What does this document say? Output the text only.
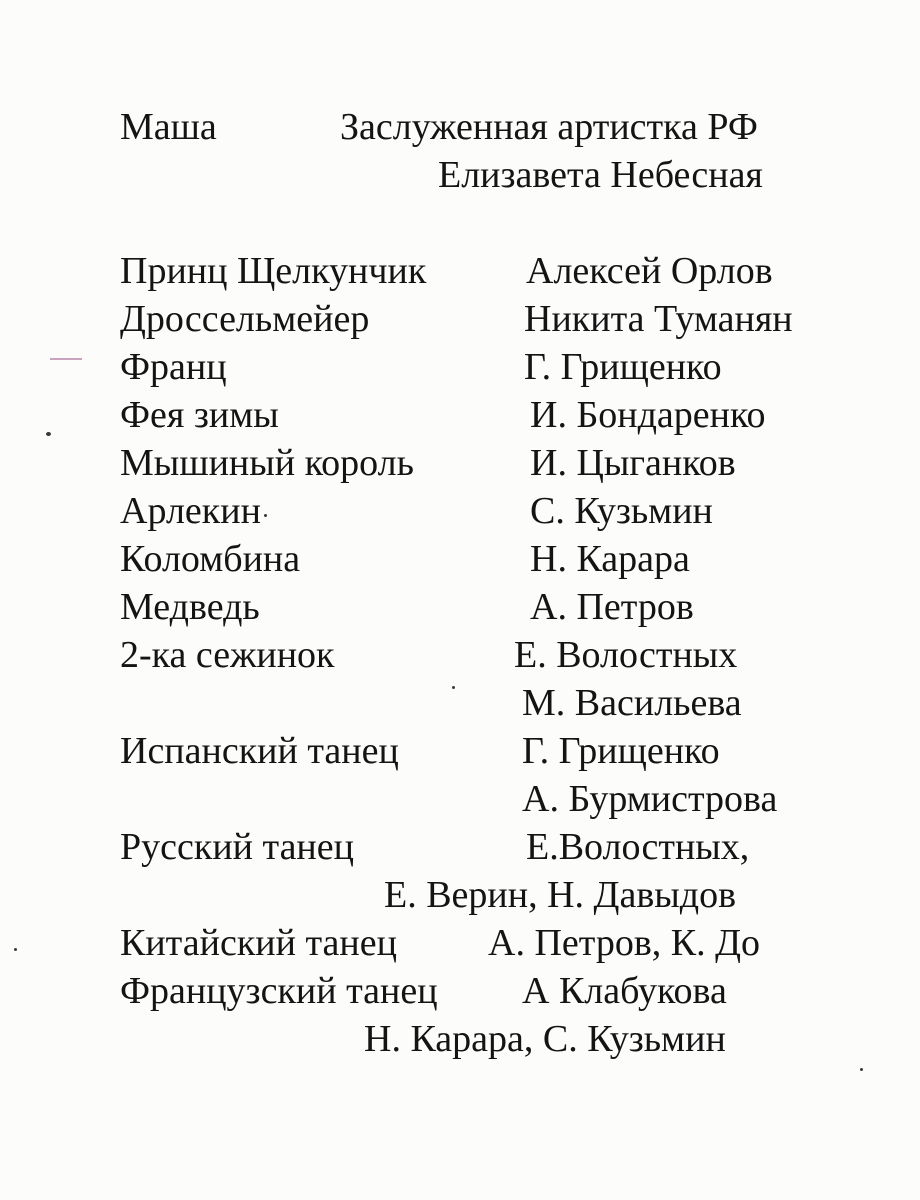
Маша	Заслуженная артистка РФ
Елизавета Небесная
Принц Щелкунчик
Дроссельмейер
Франц
Фея зимы
Мышиный король
Арлекин
Коломбина
Медведь
2-ка сежинок
Испанский танец
Русский танец
Китайский танец
Французский танец
Алексей Орлов
Никита Туманян
Г. Грищенко
И. Бондаренко
И. Цыганков
С. Кузьмин
Н. Карара
А. Петров
Е. Волостных
М. Васильева
Г. Грищенко
А. Бурмистрова
Е.Волостных,
Е. Верин, Н. Давыдов
А. Петров, К. До
А Клабукова
Н. Карара, С. Кузьмин
